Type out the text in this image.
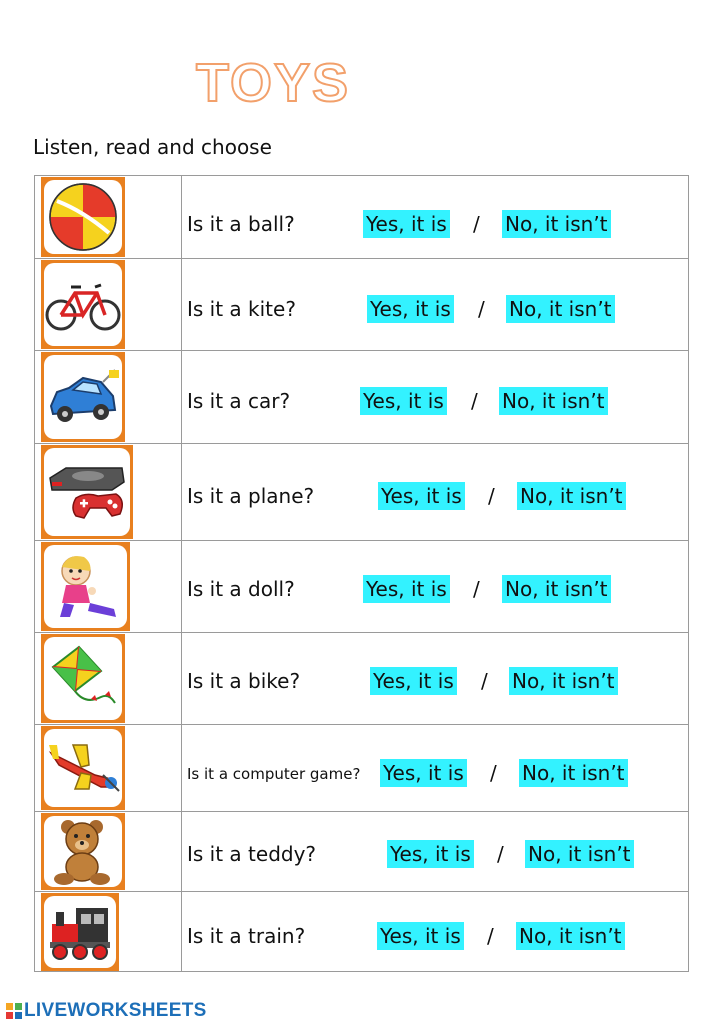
TOYS
Listen, read and choose
Is it a ball?	Yes, it is / No, it isn’t
Is it a kite?	Yes, it is / No, it isn’t
Is it a car?	Yes, it is / No, it isn’t
Is it a plane?	Yes, it is / No, it isn’t
Is it a doll?	Yes, it is / No, it isn’t
Is it a bike?	Yes, it is / No, it isn’t
Is it a computer game? Yes, it is / No, it isn’t
Is it a teddy?	Yes, it is / No, it isn’t
Is it a train?	Yes, it is / No, it isn’t
LIVEWORKSHEETS
